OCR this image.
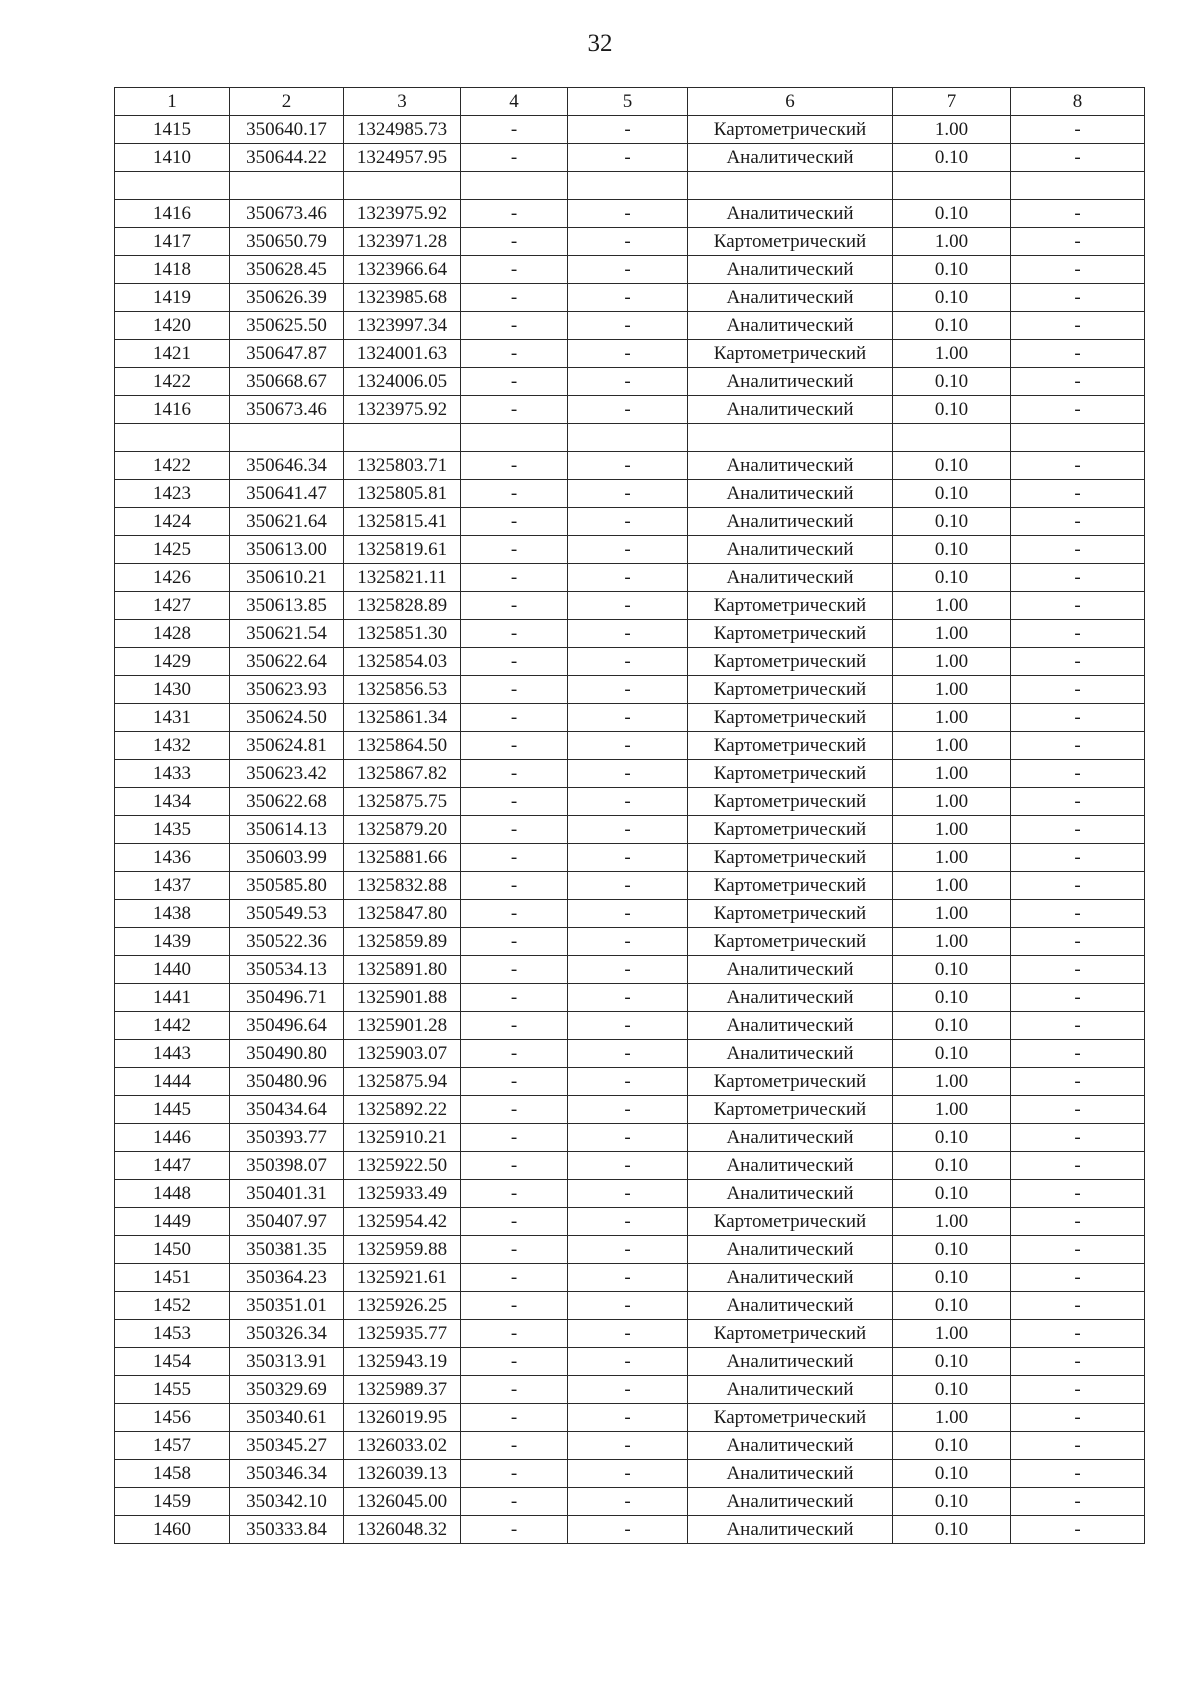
32
1	2	3	4	5	6	7	8
1415	350640.17	1324985.73	-	-	Картометрический	1.00	-
1410	350644.22	1324957.95	-	-	Аналитический	0.10	-

1416	350673.46	1323975.92	-	-	Аналитический	0.10	-
1417	350650.79	1323971.28	-	-	Картометрический	1.00	-
1418	350628.45	1323966.64	-	-	Аналитический	0.10	-
1419	350626.39	1323985.68	-	-	Аналитический	0.10	-
1420	350625.50	1323997.34	-	-	Аналитический	0.10	-
1421	350647.87	1324001.63	-	-	Картометрический	1.00	-
1422	350668.67	1324006.05	-	-	Аналитический	0.10	-
1416	350673.46	1323975.92	-	-	Аналитический	0.10	-

1422	350646.34	1325803.71	-	-	Аналитический	0.10	-
1423	350641.47	1325805.81	-	-	Аналитический	0.10	-
1424	350621.64	1325815.41	-	-	Аналитический	0.10	-
1425	350613.00	1325819.61	-	-	Аналитический	0.10	-
1426	350610.21	1325821.11	-	-	Аналитический	0.10	-
1427	350613.85	1325828.89	-	-	Картометрический	1.00	-
1428	350621.54	1325851.30	-	-	Картометрический	1.00	-
1429	350622.64	1325854.03	-	-	Картометрический	1.00	-
1430	350623.93	1325856.53	-	-	Картометрический	1.00	-
1431	350624.50	1325861.34	-	-	Картометрический	1.00	-
1432	350624.81	1325864.50	-	-	Картометрический	1.00	-
1433	350623.42	1325867.82	-	-	Картометрический	1.00	-
1434	350622.68	1325875.75	-	-	Картометрический	1.00	-
1435	350614.13	1325879.20	-	-	Картометрический	1.00	-
1436	350603.99	1325881.66	-	-	Картометрический	1.00	-
1437	350585.80	1325832.88	-	-	Картометрический	1.00	-
1438	350549.53	1325847.80	-	-	Картометрический	1.00	-
1439	350522.36	1325859.89	-	-	Картометрический	1.00	-
1440	350534.13	1325891.80	-	-	Аналитический	0.10	-
1441	350496.71	1325901.88	-	-	Аналитический	0.10	-
1442	350496.64	1325901.28	-	-	Аналитический	0.10	-
1443	350490.80	1325903.07	-	-	Аналитический	0.10	-
1444	350480.96	1325875.94	-	-	Картометрический	1.00	-
1445	350434.64	1325892.22	-	-	Картометрический	1.00	-
1446	350393.77	1325910.21	-	-	Аналитический	0.10	-
1447	350398.07	1325922.50	-	-	Аналитический	0.10	-
1448	350401.31	1325933.49	-	-	Аналитический	0.10	-
1449	350407.97	1325954.42	-	-	Картометрический	1.00	-
1450	350381.35	1325959.88	-	-	Аналитический	0.10	-
1451	350364.23	1325921.61	-	-	Аналитический	0.10	-
1452	350351.01	1325926.25	-	-	Аналитический	0.10	-
1453	350326.34	1325935.77	-	-	Картометрический	1.00	-
1454	350313.91	1325943.19	-	-	Аналитический	0.10	-
1455	350329.69	1325989.37	-	-	Аналитический	0.10	-
1456	350340.61	1326019.95	-	-	Картометрический	1.00	-
1457	350345.27	1326033.02	-	-	Аналитический	0.10	-
1458	350346.34	1326039.13	-	-	Аналитический	0.10	-
1459	350342.10	1326045.00	-	-	Аналитический	0.10	-
1460	350333.84	1326048.32	-	-	Аналитический	0.10	-
